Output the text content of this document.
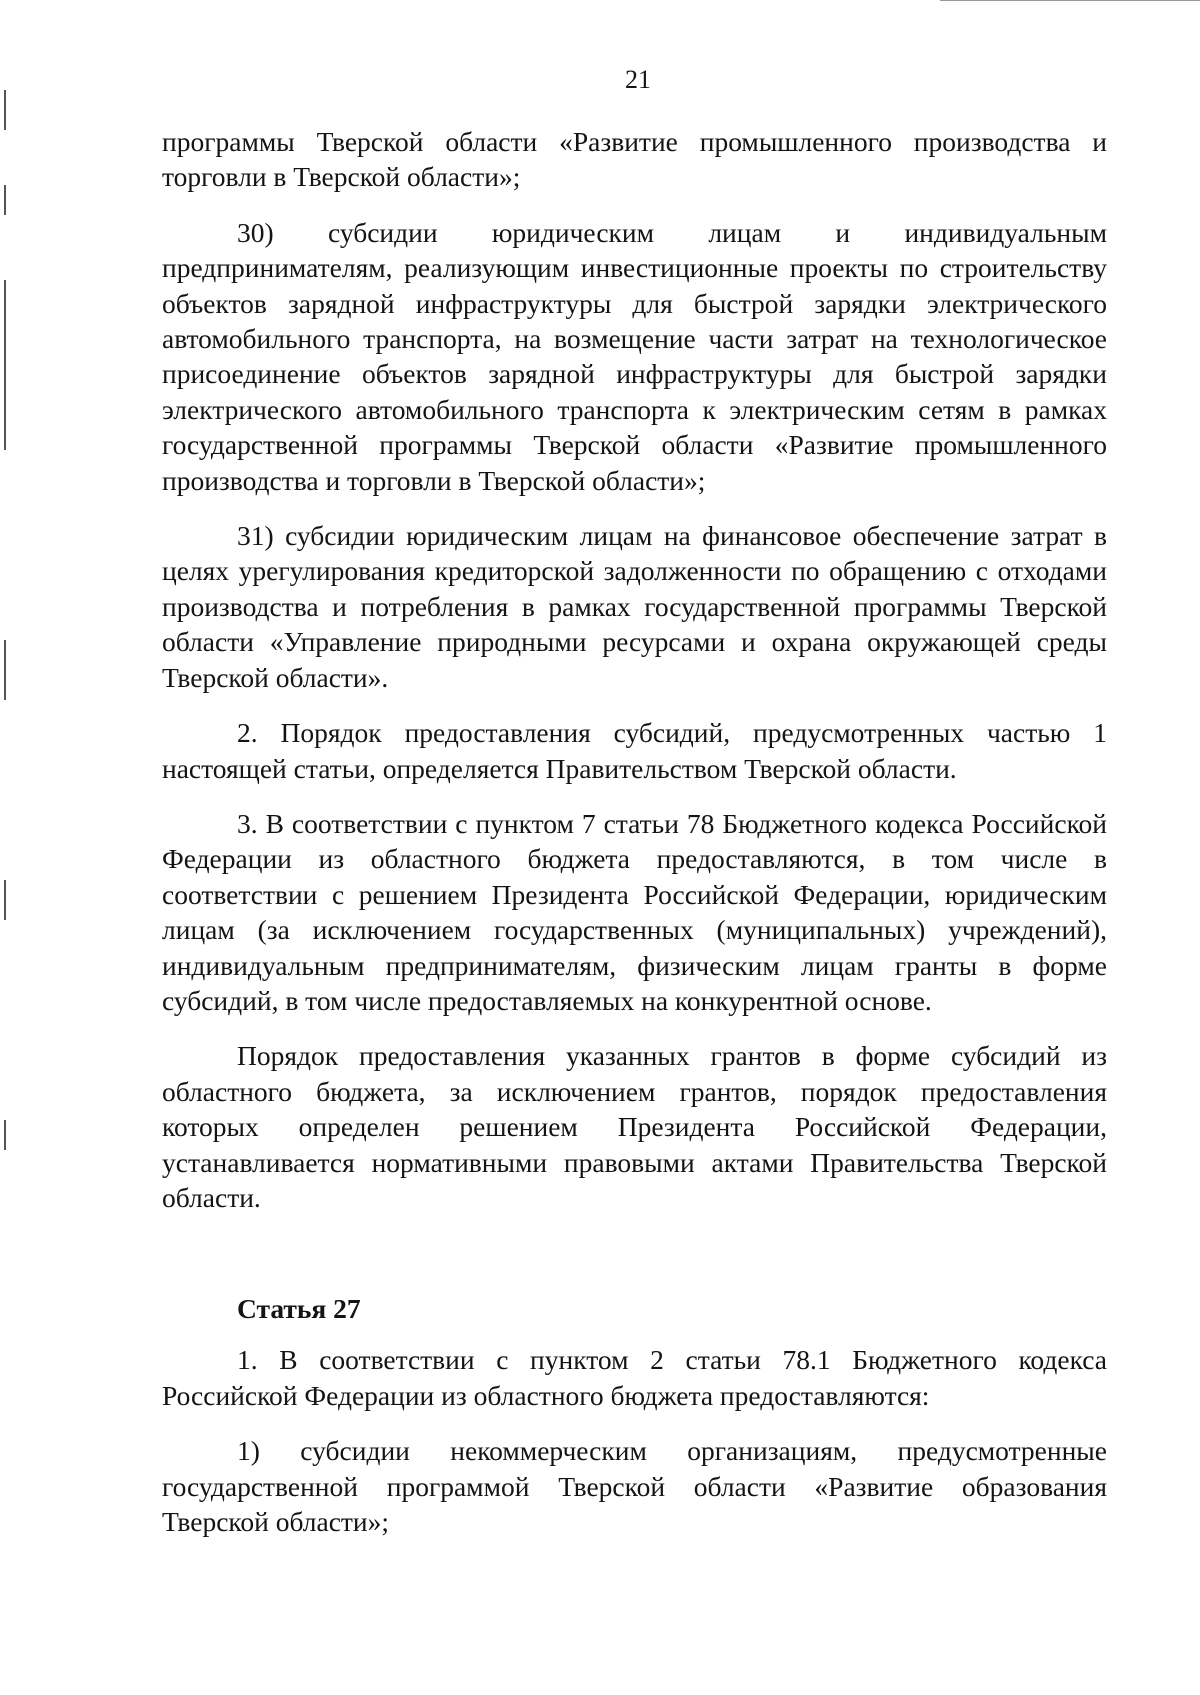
21

программы Тверской области «Развитие промышленного производства и торговли в Тверской области»;

30) субсидии юридическим лицам и индивидуальным предпринимателям, реализующим инвестиционные проекты по строительству объектов зарядной инфраструктуры для быстрой зарядки электрического автомобильного транспорта, на возмещение части затрат на технологическое присоединение объектов зарядной инфраструктуры для быстрой зарядки электрического автомобильного транспорта к электрическим сетям в рамках государственной программы Тверской области «Развитие промышленного производства и торговли в Тверской области»;

31) субсидии юридическим лицам на финансовое обеспечение затрат в целях урегулирования кредиторской задолженности по обращению с отходами производства и потребления в рамках государственной программы Тверской области «Управление природными ресурсами и охрана окружающей среды Тверской области».

2. Порядок предоставления субсидий, предусмотренных частью 1 настоящей статьи, определяется Правительством Тверской области.

3. В соответствии с пунктом 7 статьи 78 Бюджетного кодекса Российской Федерации из областного бюджета предоставляются, в том числе в соответствии с решением Президента Российской Федерации, юридическим лицам (за исключением государственных (муниципальных) учреждений), индивидуальным предпринимателям, физическим лицам гранты в форме субсидий, в том числе предоставляемых на конкурентной основе.

Порядок предоставления указанных грантов в форме субсидий из областного бюджета, за исключением грантов, порядок предоставления которых определен решением Президента Российской Федерации, устанавливается нормативными правовыми актами Правительства Тверской области.

Статья 27

1. В соответствии с пунктом 2 статьи 78.1 Бюджетного кодекса Российской Федерации из областного бюджета предоставляются:

1) субсидии некоммерческим организациям, предусмотренные государственной программой Тверской области «Развитие образования Тверской области»;
